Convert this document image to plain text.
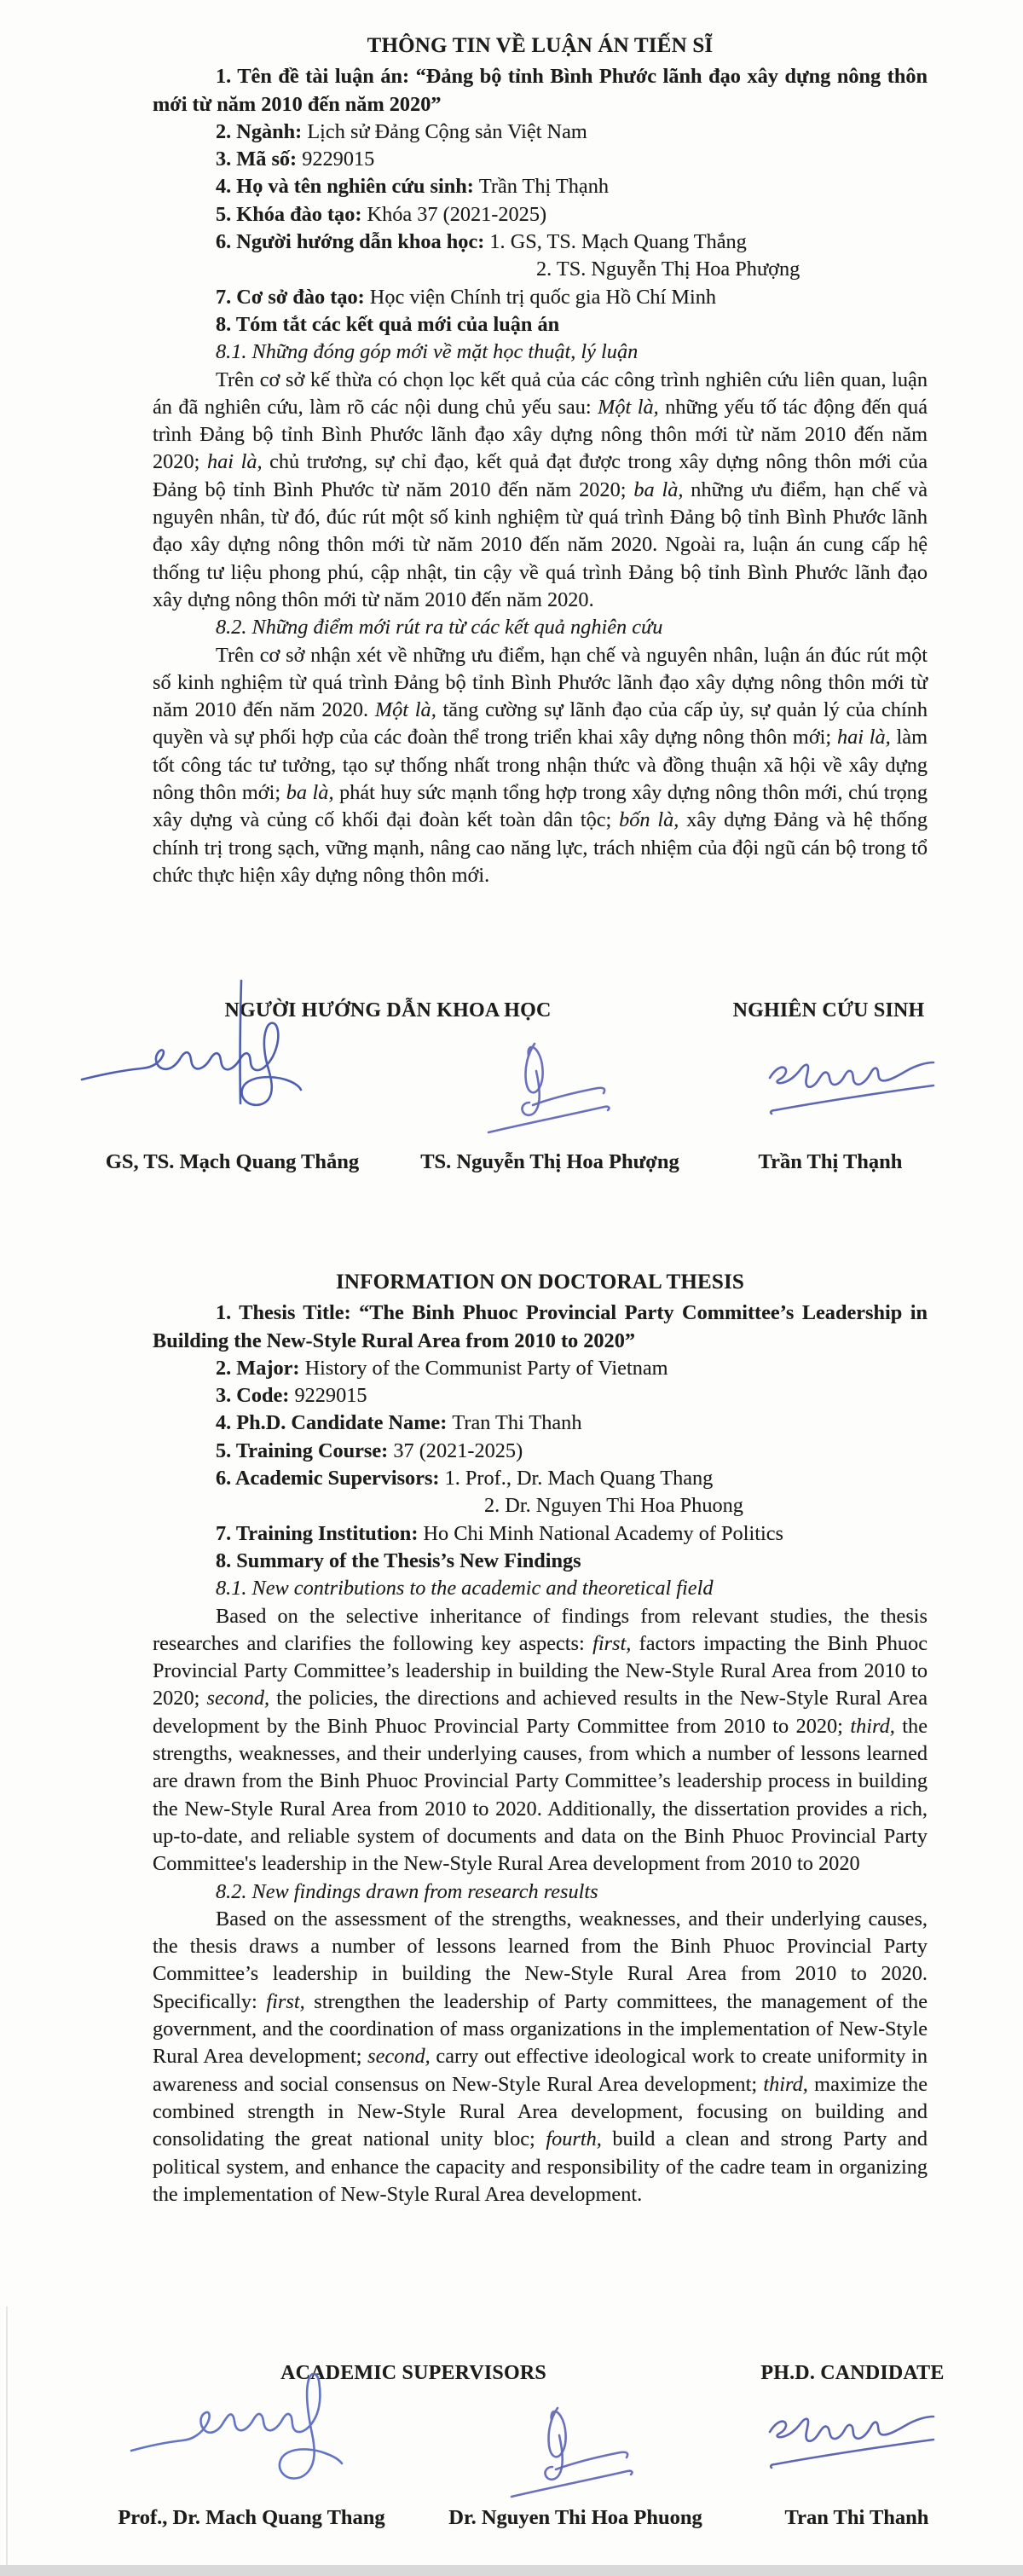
THÔNG TIN VỀ LUẬN ÁN TIẾN SĨ

1. Tên đề tài luận án: “Đảng bộ tỉnh Bình Phước lãnh đạo xây dựng nông thôn mới từ năm 2010 đến năm 2020”

2. Ngành: Lịch sử Đảng Cộng sản Việt Nam

3. Mã số: 9229015

4. Họ và tên nghiên cứu sinh: Trần Thị Thạnh

5. Khóa đào tạo: Khóa 37 (2021-2025)

6. Người hướng dẫn khoa học: 1. GS, TS. Mạch Quang Thắng

2. TS. Nguyễn Thị Hoa Phượng

7. Cơ sở đào tạo: Học viện Chính trị quốc gia Hồ Chí Minh

8. Tóm tắt các kết quả mới của luận án

8.1. Những đóng góp mới về mặt học thuật, lý luận

Trên cơ sở kế thừa có chọn lọc kết quả của các công trình nghiên cứu liên quan, luận án đã nghiên cứu, làm rõ các nội dung chủ yếu sau: Một là, những yếu tố tác động đến quá trình Đảng bộ tỉnh Bình Phước lãnh đạo xây dựng nông thôn mới từ năm 2010 đến năm 2020; hai là, chủ trương, sự chỉ đạo, kết quả đạt được trong xây dựng nông thôn mới của Đảng bộ tỉnh Bình Phước từ năm 2010 đến năm 2020; ba là, những ưu điểm, hạn chế và nguyên nhân, từ đó, đúc rút một số kinh nghiệm từ quá trình Đảng bộ tỉnh Bình Phước lãnh đạo xây dựng nông thôn mới từ năm 2010 đến năm 2020. Ngoài ra, luận án cung cấp hệ thống tư liệu phong phú, cập nhật, tin cậy về quá trình Đảng bộ tỉnh Bình Phước lãnh đạo xây dựng nông thôn mới từ năm 2010 đến năm 2020.

8.2. Những điểm mới rút ra từ các kết quả nghiên cứu

Trên cơ sở nhận xét về những ưu điểm, hạn chế và nguyên nhân, luận án đúc rút một số kinh nghiệm từ quá trình Đảng bộ tỉnh Bình Phước lãnh đạo xây dựng nông thôn mới từ năm 2010 đến năm 2020. Một là, tăng cường sự lãnh đạo của cấp ủy, sự quản lý của chính quyền và sự phối hợp của các đoàn thể trong triển khai xây dựng nông thôn mới; hai là, làm tốt công tác tư tưởng, tạo sự thống nhất trong nhận thức và đồng thuận xã hội về xây dựng nông thôn mới; ba là, phát huy sức mạnh tổng hợp trong xây dựng nông thôn mới, chú trọng xây dựng và củng cố khối đại đoàn kết toàn dân tộc; bốn là, xây dựng Đảng và hệ thống chính trị trong sạch, vững mạnh, nâng cao năng lực, trách nhiệm của đội ngũ cán bộ trong tổ chức thực hiện xây dựng nông thôn mới.

NGƯỜI HƯỚNG DẪN KHOA HỌC	NGHIÊN CỨU SINH
GS, TS. Mạch Quang Thắng	TS. Nguyễn Thị Hoa Phượng	Trần Thị Thạnh
INFORMATION ON DOCTORAL THESIS

1. Thesis Title: “The Binh Phuoc Provincial Party Committee’s Leadership in Building the New-Style Rural Area from 2010 to 2020”

2. Major: History of the Communist Party of Vietnam

3. Code: 9229015

4. Ph.D. Candidate Name: Tran Thi Thanh

5. Training Course: 37 (2021-2025)

6. Academic Supervisors: 1. Prof., Dr. Mach Quang Thang

2. Dr. Nguyen Thi Hoa Phuong

7. Training Institution: Ho Chi Minh National Academy of Politics

8. Summary of the Thesis’s New Findings

8.1. New contributions to the academic and theoretical field

Based on the selective inheritance of findings from relevant studies, the thesis researches and clarifies the following key aspects: first, factors impacting the Binh Phuoc Provincial Party Committee’s leadership in building the New-Style Rural Area from 2010 to 2020; second, the policies, the directions and achieved results in the New-Style Rural Area development by the Binh Phuoc Provincial Party Committee from 2010 to 2020; third, the strengths, weaknesses, and their underlying causes, from which a number of lessons learned are drawn from the Binh Phuoc Provincial Party Committee’s leadership process in building the New-Style Rural Area from 2010 to 2020. Additionally, the dissertation provides a rich, up-to-date, and reliable system of documents and data on the Binh Phuoc Provincial Party Committee's leadership in the New-Style Rural Area development from 2010 to 2020

8.2. New findings drawn from research results

Based on the assessment of the strengths, weaknesses, and their underlying causes, the thesis draws a number of lessons learned from the Binh Phuoc Provincial Party Committee’s leadership in building the New-Style Rural Area from 2010 to 2020. Specifically: first, strengthen the leadership of Party committees, the management of the government, and the coordination of mass organizations in the implementation of New-Style Rural Area development; second, carry out effective ideological work to create uniformity in awareness and social consensus on New-Style Rural Area development; third, maximize the combined strength in New-Style Rural Area development, focusing on building and consolidating the great national unity bloc; fourth, build a clean and strong Party and political system, and enhance the capacity and responsibility of the cadre team in organizing the implementation of New-Style Rural Area development.

ACADEMIC SUPERVISORS	PH.D. CANDIDATE
Prof., Dr. Mach Quang Thang	Dr. Nguyen Thi Hoa Phuong	Tran Thi Thanh
